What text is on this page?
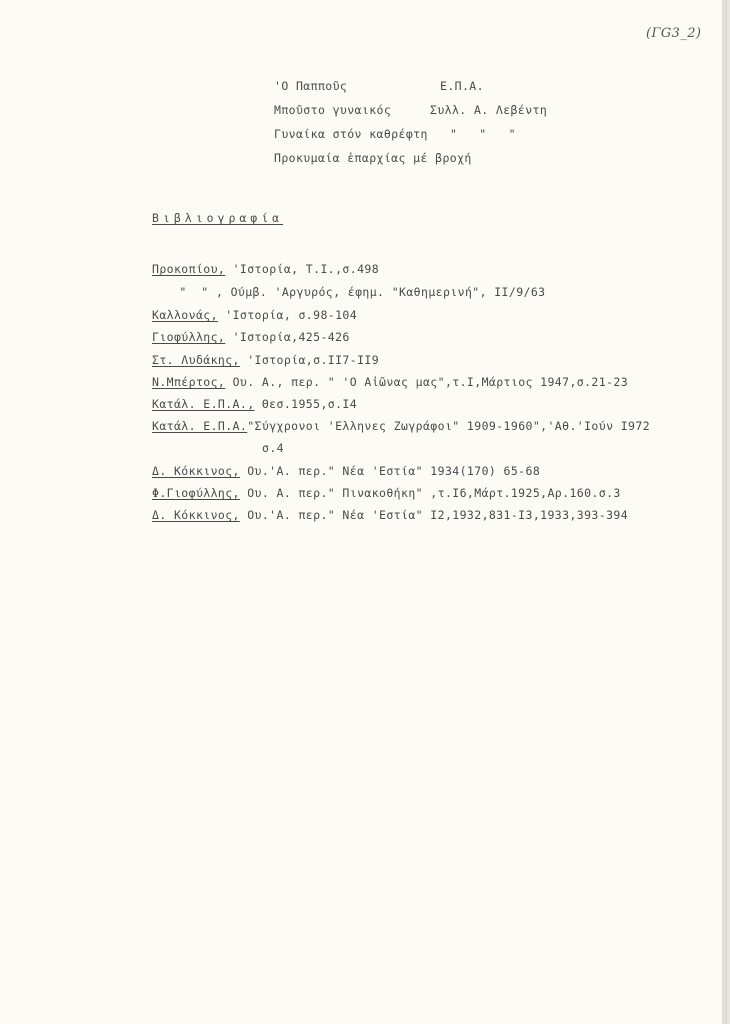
(ΓG3_2)
'Ο Παπποῦς	Ε.Π.Α.
Μποῦστο γυναικός	Συλλ. Α. Λεβέντη
Γυναίκα στόν καθρέφτη "   "   "
Προκυμαία ἐπαρχίας μέ βροχή
Βιβλιογραφία
Προκοπίου, 'Ιστορία, Τ.Ι.,σ.498
"  " , Ούμβ. 'Αργυρός, έφημ. "Καθημερινή", ΙΙ/9/63
Καλλονάς, 'Ιστορία, σ.98-104
Γιοφύλλης, 'Ιστορία,425-426
Στ. Λυδάκης, 'Ιστορία,σ.ΙΙ7-ΙΙ9
Ν.Μπέρτος, Ου. Α., περ. " 'Ο Αἰῶνας μας",τ.Ι,Μάρτιος 1947,σ.21-23
Κατάλ. Ε.Π.Α., Θεσ.1955,σ.Ι4
Κατάλ. Ε.Π.Α."Σύγχρονοι 'Ελληνες Ζωγράφοι" 1909-1960",'Αθ.'Ιούν Ι972
σ.4
Δ. Κόκκινος, Ου.'Α. περ." Νέα 'Εστία" 1934(170) 65-68
Φ.Γιοφύλλης, Ου. Α. περ." Πινακοθήκη" ,τ.Ι6,Μάρτ.1925,Αρ.160.σ.3
Δ. Κόκκινος, Ου.'Α. περ." Νέα 'Εστία" Ι2,1932,831-Ι3,1933,393-394
